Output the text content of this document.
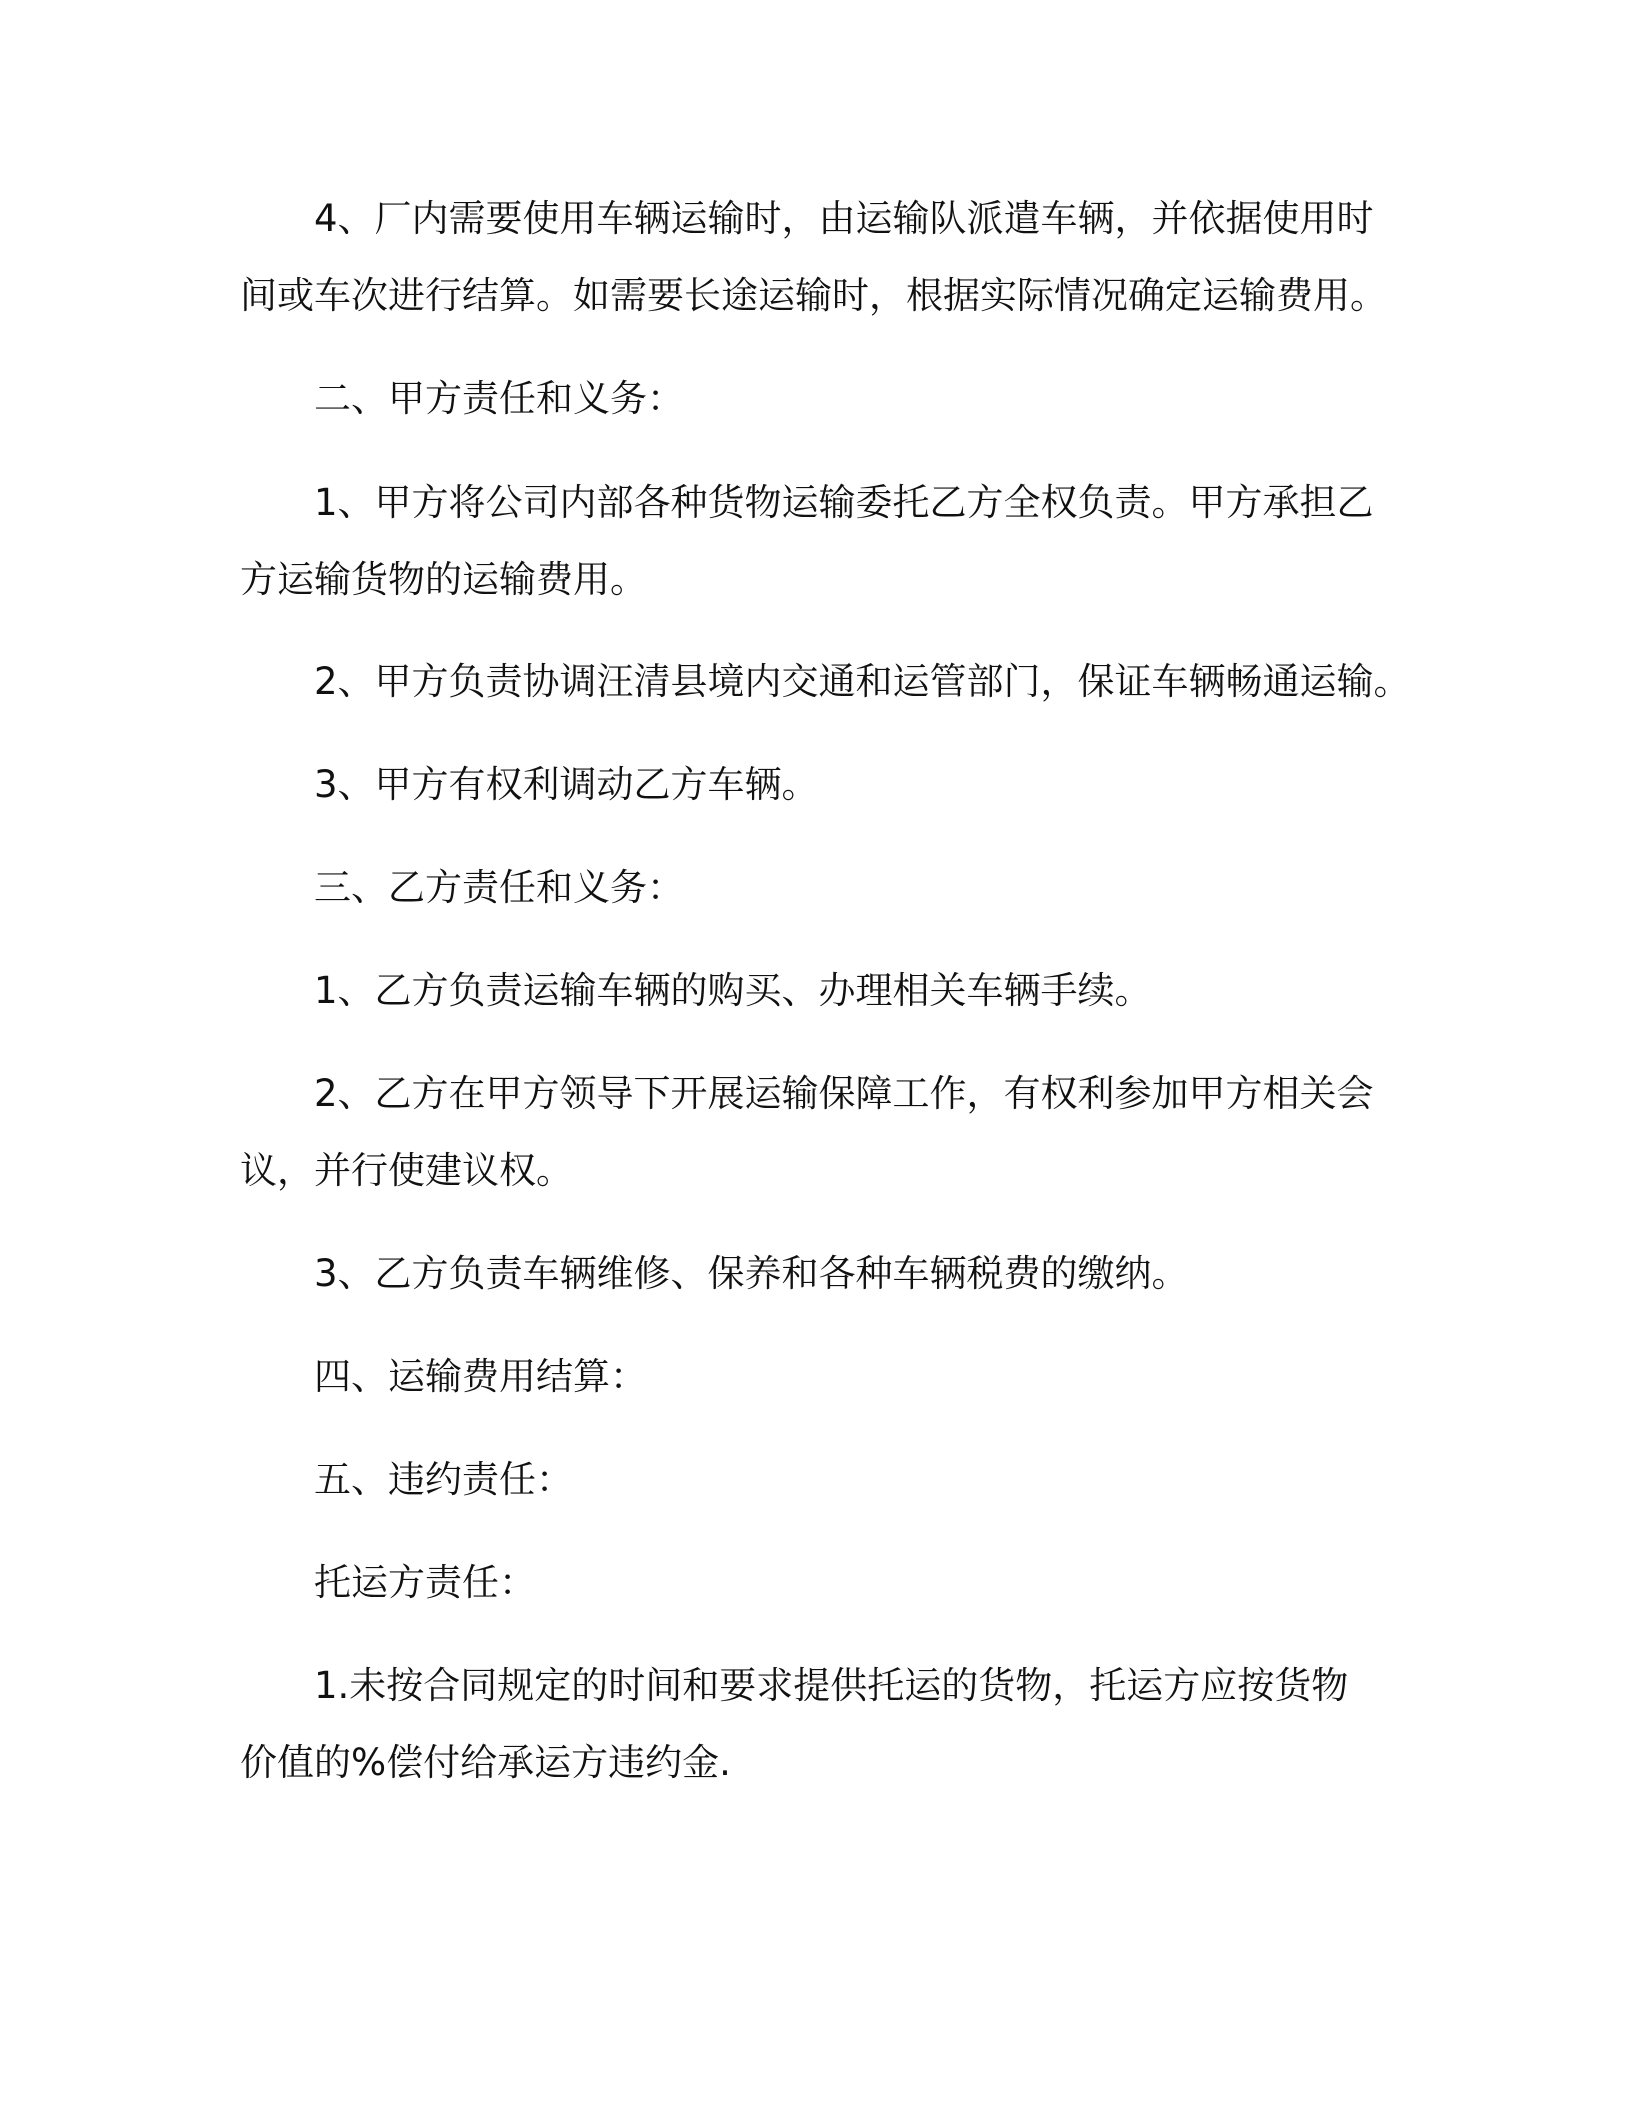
4、厂内需要使用车辆运输时，由运输队派遣车辆，并依据使用时
间或车次进行结算。如需要长途运输时，根据实际情况确定运输费用。
二、甲方责任和义务：
1、甲方将公司内部各种货物运输委托乙方全权负责。甲方承担乙
方运输货物的运输费用。
2、甲方负责协调汪清县境内交通和运管部门，保证车辆畅通运输。
3、甲方有权利调动乙方车辆。
三、乙方责任和义务：
1、乙方负责运输车辆的购买、办理相关车辆手续。
2、乙方在甲方领导下开展运输保障工作，有权利参加甲方相关会
议，并行使建议权。
3、乙方负责车辆维修、保养和各种车辆税费的缴纳。
四、运输费用结算：
五、违约责任：
托运方责任：
1.未按合同规定的时间和要求提供托运的货物，托运方应按货物
价值的%偿付给承运方违约金.
